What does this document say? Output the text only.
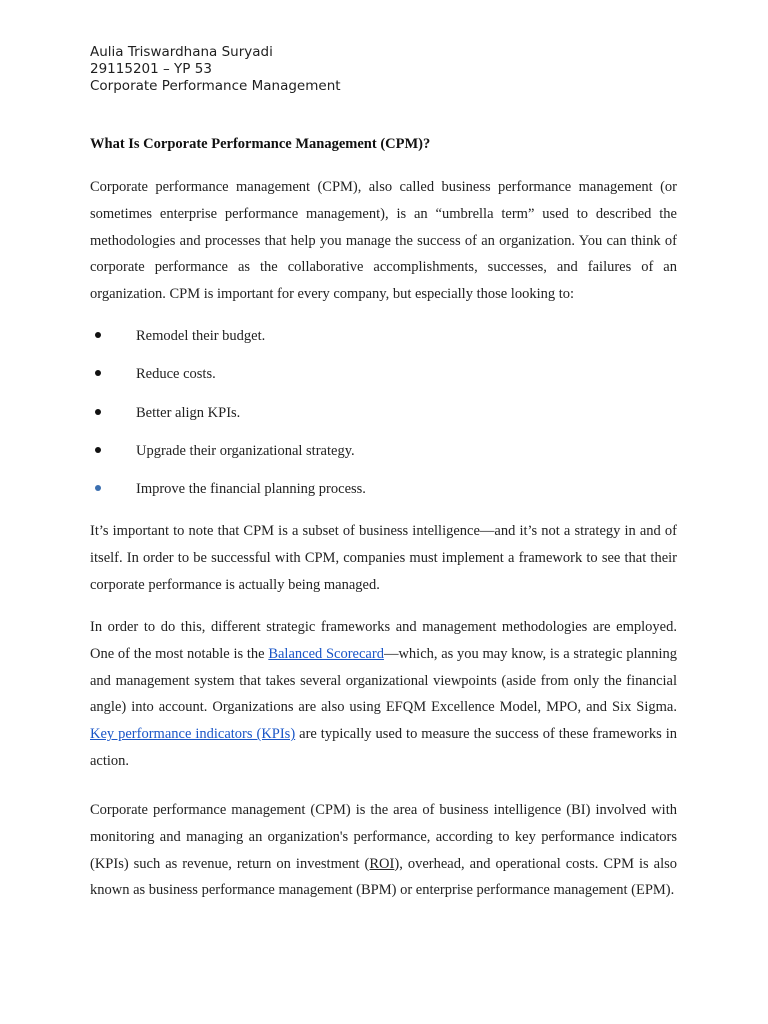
Aulia Triswardhana Suryadi
29115201 – YP 53
Corporate Performance Management
What Is Corporate Performance Management (CPM)?

Corporate performance management (CPM), also called business performance management (or sometimes enterprise performance management), is an “umbrella term” used to described the methodologies and processes that help you manage the success of an organization. You can think of corporate performance as the collaborative accomplishments, successes, and failures of an organization. CPM is important for every company, but especially those looking to:

Remodel their budget.
Reduce costs.
Better align KPIs.
Upgrade their organizational strategy.
Improve the financial planning process.

It’s important to note that CPM is a subset of business intelligence—and it’s not a strategy in and of itself. In order to be successful with CPM, companies must implement a framework to see that their corporate performance is actually being managed.

In order to do this, different strategic frameworks and management methodologies are employed. One of the most notable is the Balanced Scorecard—which, as you may know, is a strategic planning and management system that takes several organizational viewpoints (aside from only the financial angle) into account. Organizations are also using EFQM Excellence Model, MPO, and Six Sigma. Key performance indicators (KPIs) are typically used to measure the success of these frameworks in action.

Corporate performance management (CPM) is the area of business intelligence (BI) involved with monitoring and managing an organization's performance, according to key performance indicators (KPIs) such as revenue, return on investment (ROI), overhead, and operational costs. CPM is also known as business performance management (BPM) or enterprise performance management (EPM).
